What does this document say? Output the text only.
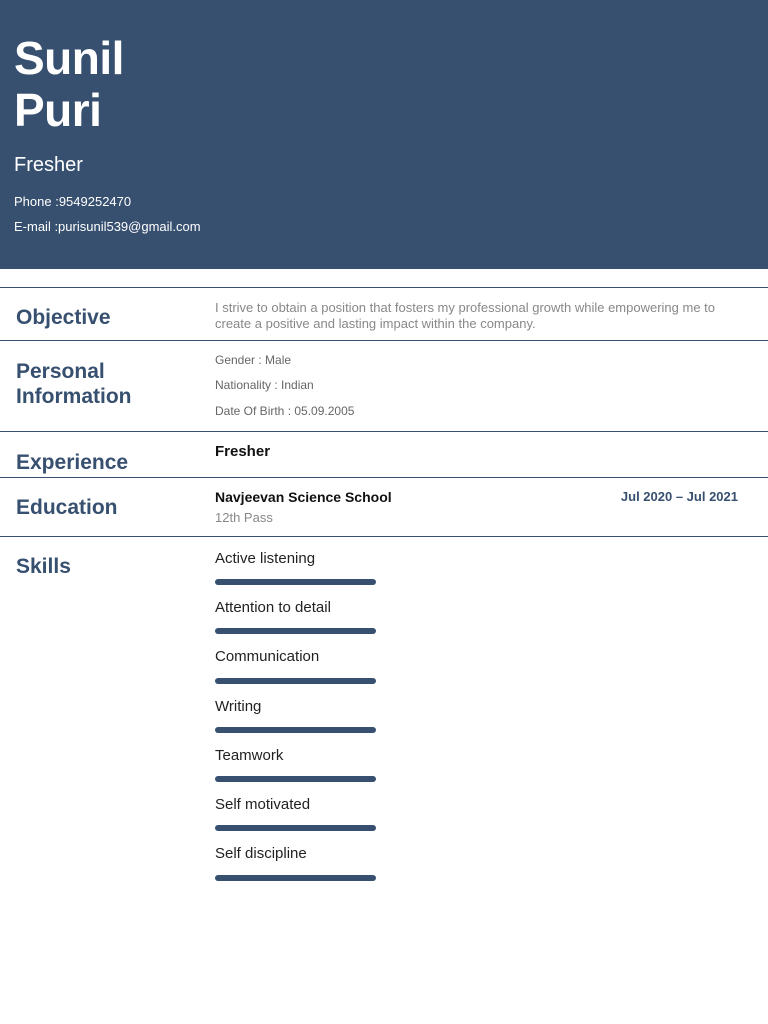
Sunil
Puri
Fresher
Phone :9549252470
E-mail :purisunil539@gmail.com
Objective	I strive to obtain a position that fosters my professional growth while empowering me to
create a positive and lasting impact within the company.
Personal
Information
Gender : Male
Nationality : Indian
Date Of Birth : 05.09.2005
Experience	Fresher
Education	Navjeevan Science School
12th Pass
Jul 2020 – Jul 2021
Skills	Active listening
Attention to detail
Communication
Writing
Teamwork
Self motivated
Self discipline
